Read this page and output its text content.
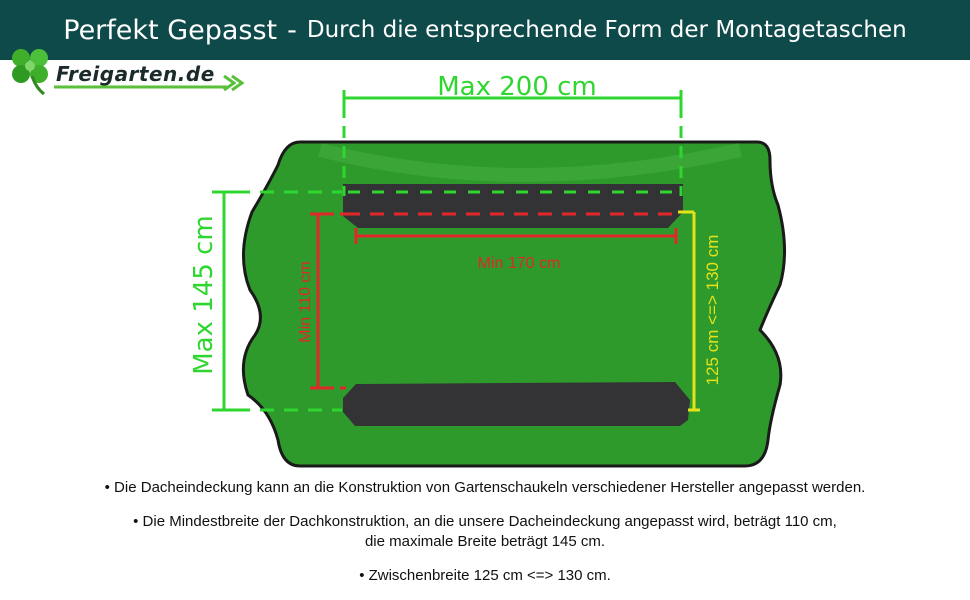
Perfekt Gepasst - Durch die entsprechende Form der Montagetaschen
Freigarten.de	Max 200 cm
Max 145 cm	Min 170 cm
Min 110 cm	125 cm <=> 130 cm

• Die Dacheindeckung kann an die Konstruktion von Gartenschaukeln verschiedener Hersteller angepasst werden.

• Die Mindestbreite der Dachkonstruktion, an die unsere Dacheindeckung angepasst wird, beträgt 110 cm,

die maximale Breite beträgt 145 cm.

• Zwischenbreite 125 cm <=> 130 cm.
